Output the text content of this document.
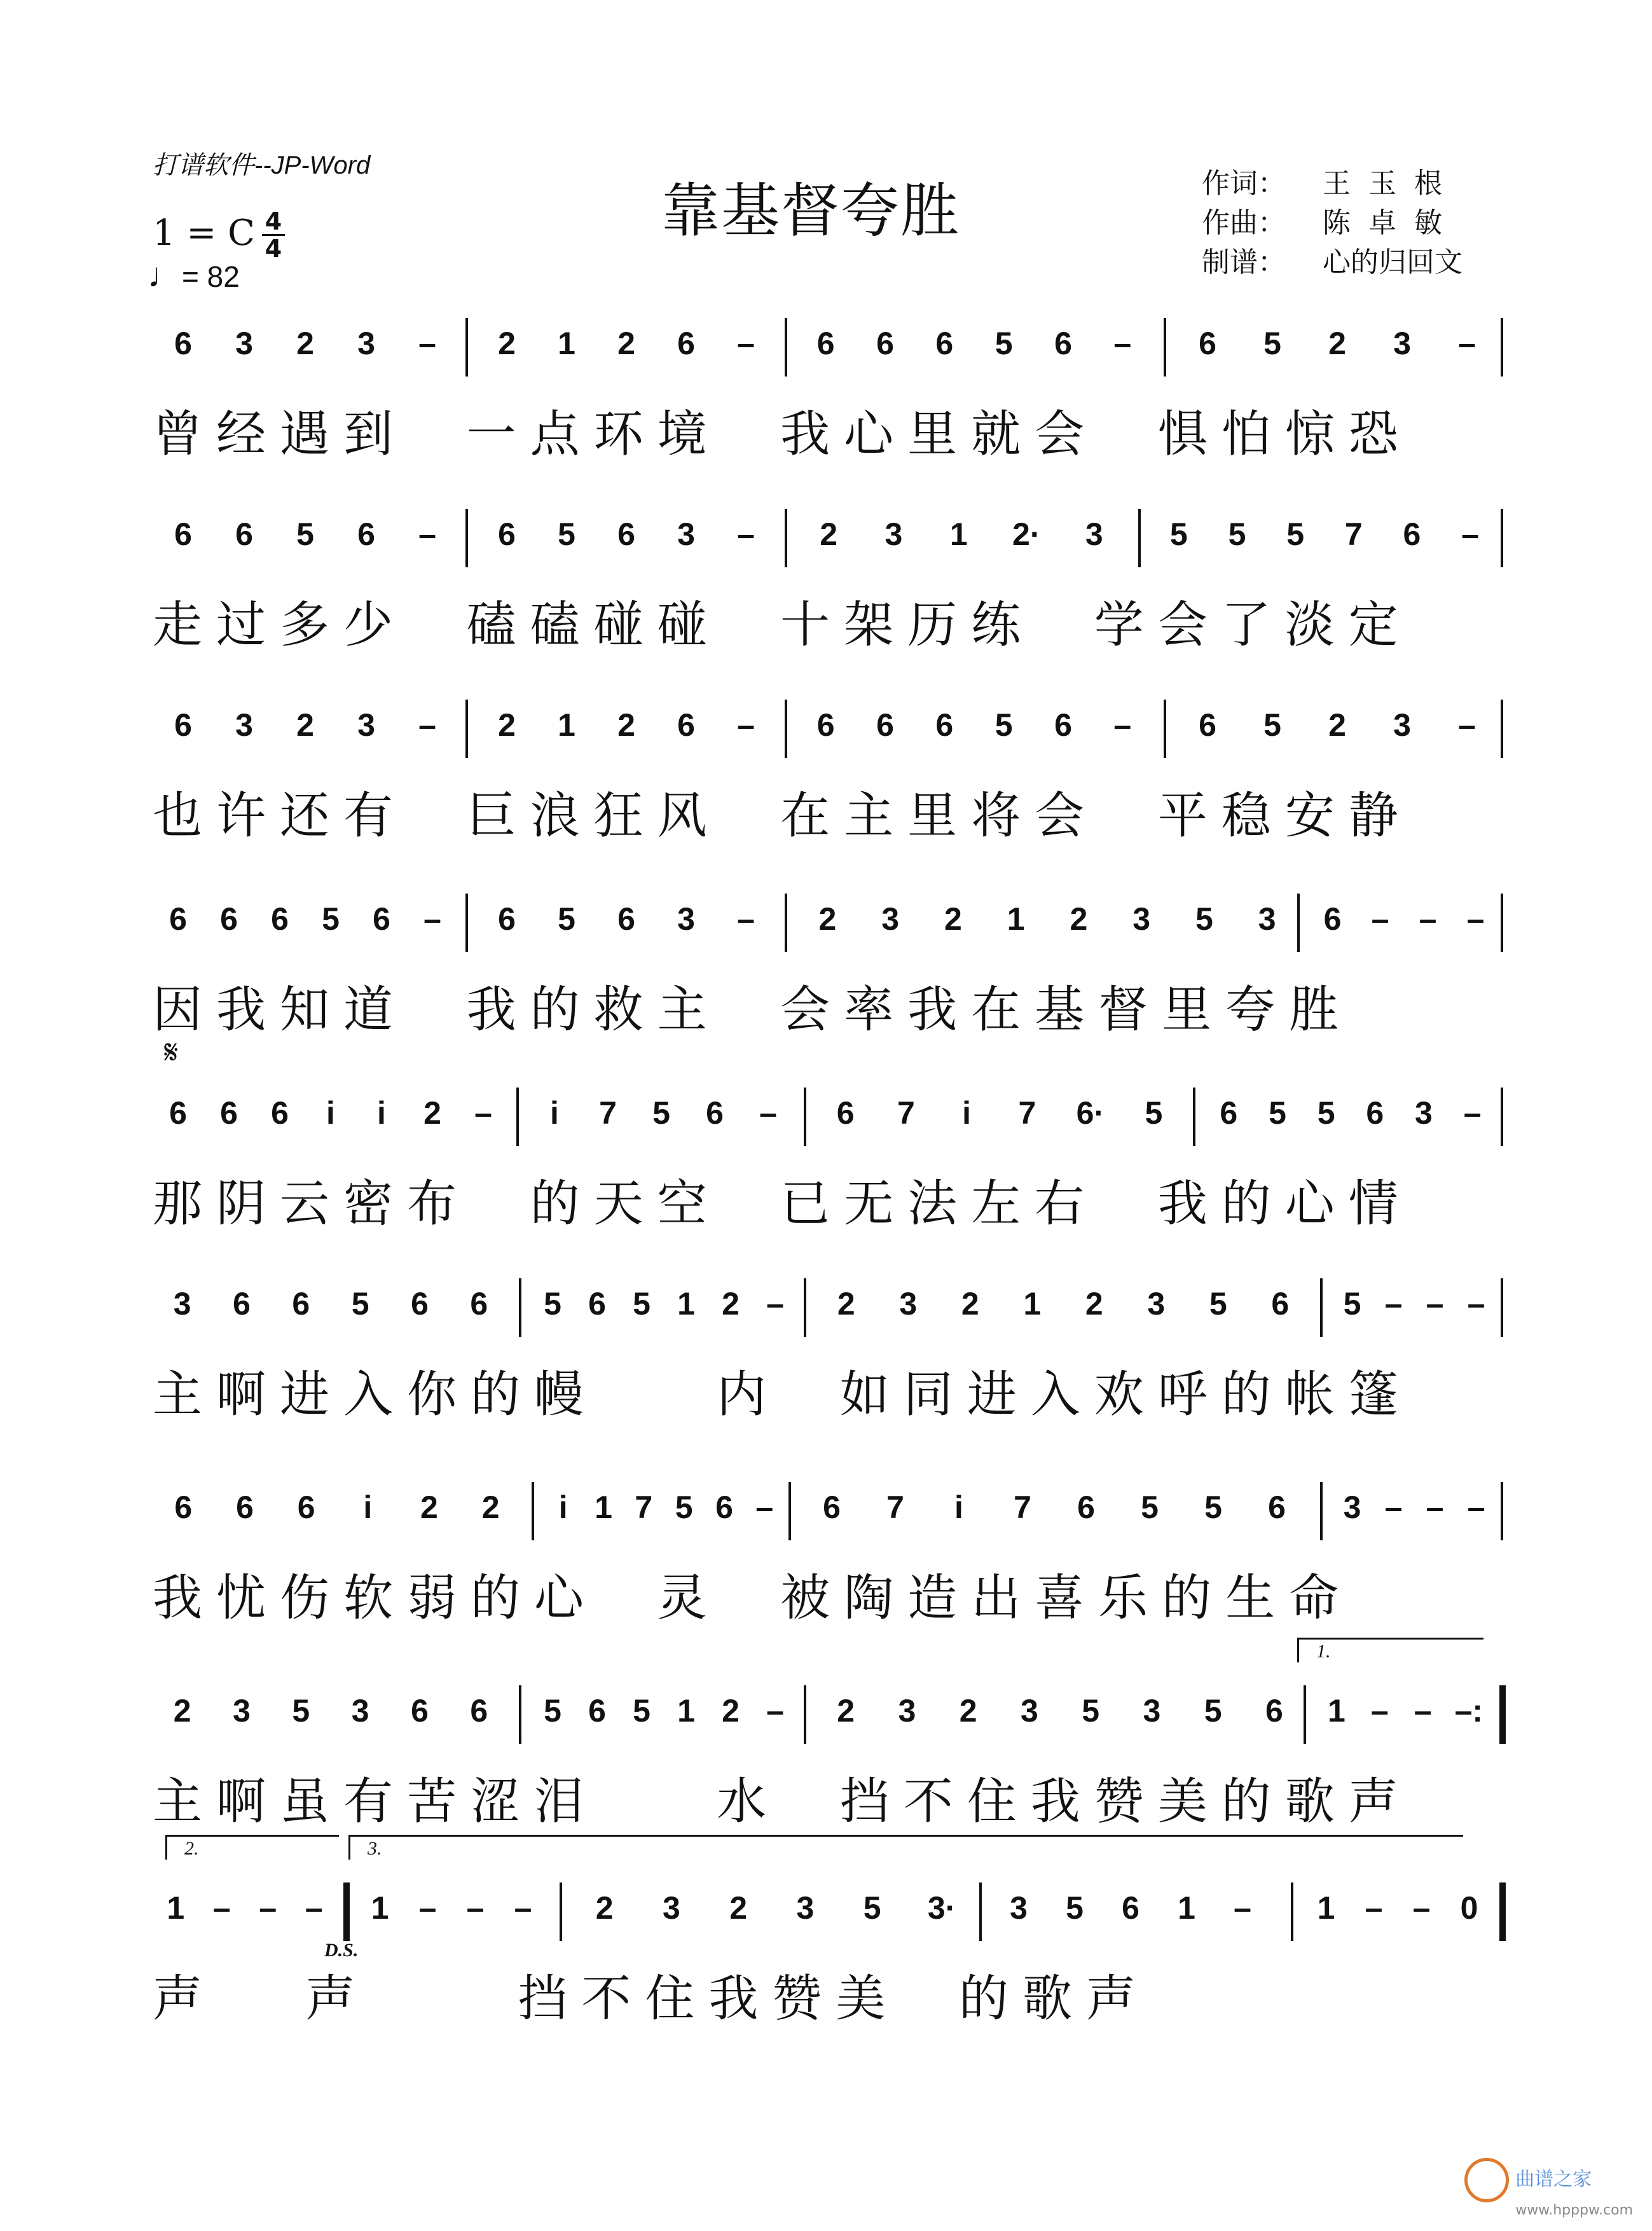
打谱软件--JP-Word
靠基督夸胜	作词： 王  玉  根
作曲： 陈  卓  敏
制谱： 心的归回文
1 = C 4
4
♩= 82
6 3 2 3 – 2 1 2 6 – 6 6 6 5 6 – 6 5 2 3 –
曾经遇到  一点环境  我心里就会  惧怕惊恐
6 6 5 6 – 6 5 6 3 – 2 3 1 2· 3 5 5 5 7 6 –
走过多少  磕磕碰碰  十架历练  学会了淡定
6 3 2 3 – 2 1 2 6 – 6 6 6 5 6 – 6 5 2 3 –
也许还有  巨浪狂风  在主里将会  平稳安静
6 6 6 5 6 – 6 5 6 3 – 2 3 2 1 2 3 5 3 6 – – –
因我知道  我的救主  会率我在基督里夸胜
𝄋
6 6 6 i i 2 – i 7 5 6 – 6 7 i 7 6· 5 6 5 5 6 3 –
那阴云密布  的天空  已无法左右  我的心情
3 6 6 5 6 6 5 6 5 1 2 – 2 3 2 1 2 3 5 6 5 – – –
主啊进入你的幔    内  如同进入欢呼的帐篷
6 6 6 i 2 2 i 1 7 5 6 – 6 7 i 7 6 5 5 6 3 – – –
我忧伤软弱的心  灵  被陶造出喜乐的生命
1.
2 3 5 3 6 6 5 6 5 1 2 – 2 3 2 3 5 3 5 6 1 – – –:
主啊虽有苦涩泪    水  挡不住我赞美的歌声
2.	3.
1 – – – 1 – – – 2 3 2 3 5 3· 3 5 6 1 – 1 – – 0
声   声     挡不住我赞美  的歌声
D.S.
曲谱之家
www.hpppw.com
